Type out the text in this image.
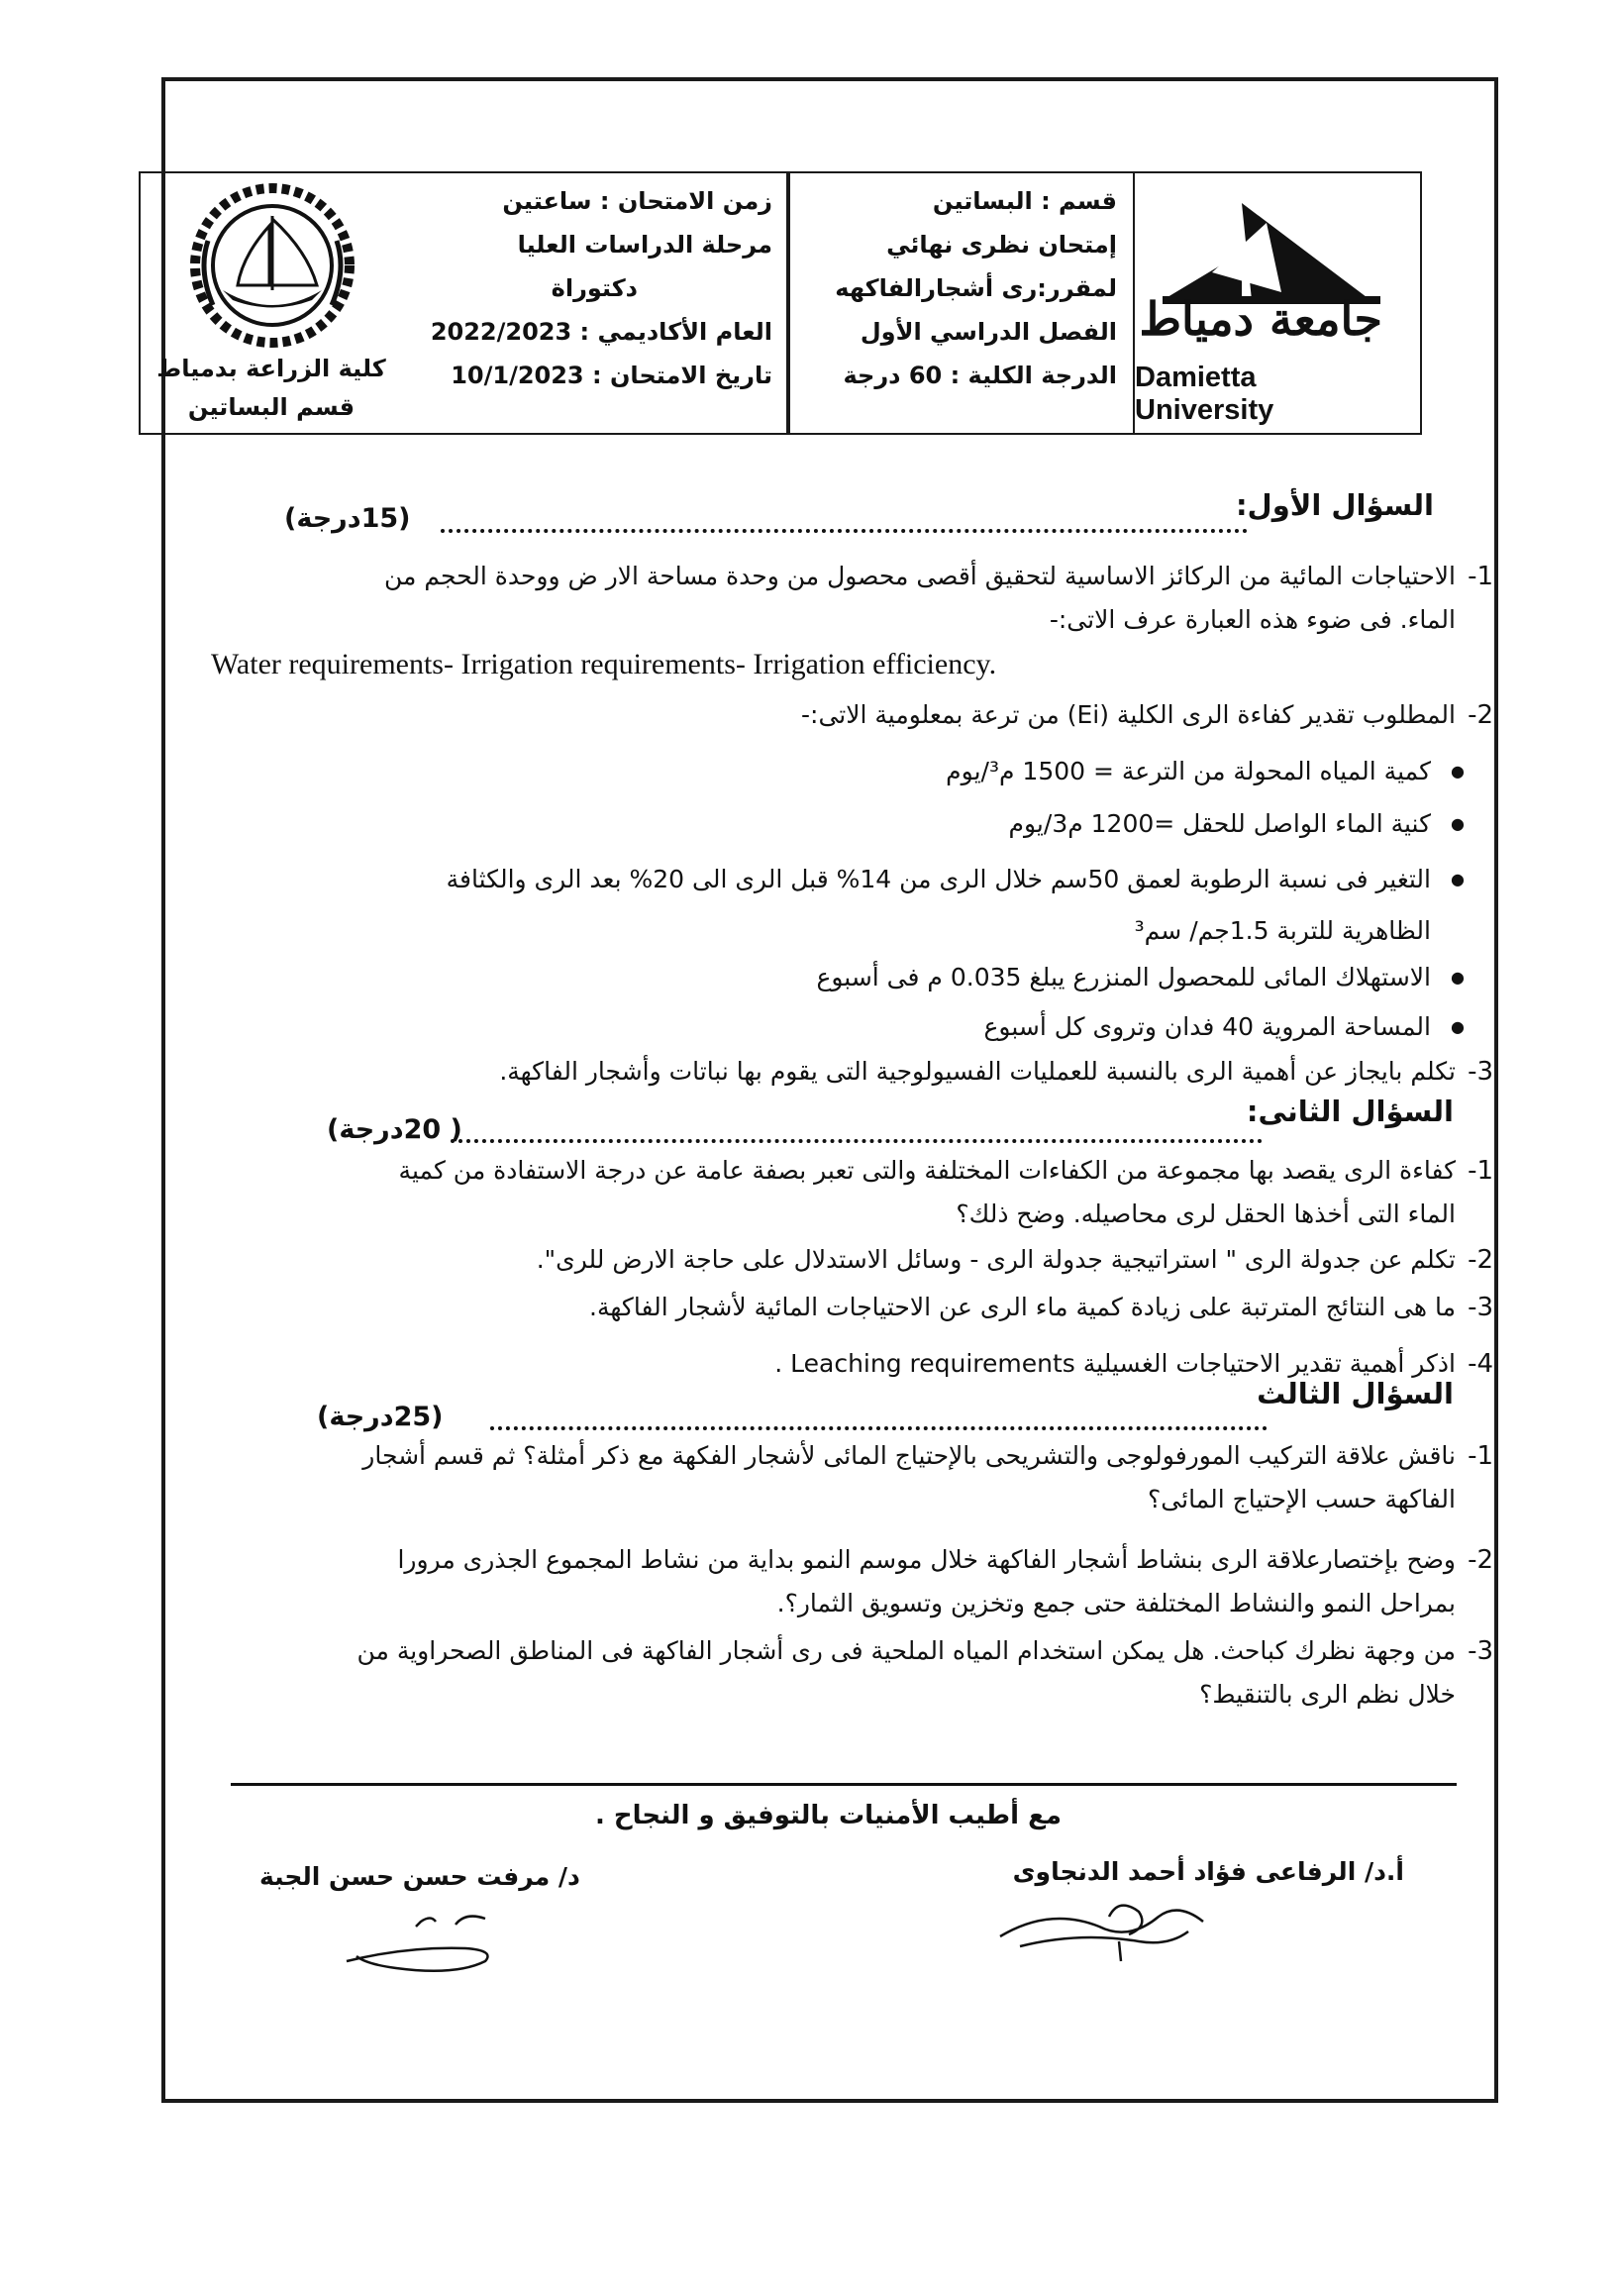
جامعة دمياط
Damietta University
قسم : البساتين
إمتحان نظرى نهائي
لمقرر:رى أشجارالفاكهه
الفصل الدراسي الأول
الدرجة الكلية : 60 درجة
زمن الامتحان : ساعتين
مرحلة الدراسات العليا
دكتوراة
العام الأكاديمي : 2022/2023
تاريخ الامتحان : 10/1/2023
كلية الزراعة بدمياط
قسم البساتين
السؤال الأول:
(15درجة)
1-
الاحتياجات المائية من الركائز الاساسية لتحقيق أقصى محصول من وحدة مساحة الار ض ووحدة الحجم من الماء. فى ضوء هذه العبارة عرف الاتى:-
Water requirements- Irrigation requirements- Irrigation efficiency.
2-
المطلوب تقدير كفاءة الرى الكلية (Ei) من ترعة بمعلومية الاتى:-
● كمية المياه المحولة من الترعة = 1500 م³/يوم
● كنية الماء الواصل للحقل =1200 م3/يوم
● التغير فى نسبة الرطوبة لعمق 50سم خلال الرى من 14% قبل الرى الى 20% بعد الرى والكثافة الظاهرية للتربة 1.5جم/ سم³
● الاستهلاك المائى للمحصول المنزرع يبلغ 0.035 م فى أسبوع
● المساحة المروية 40 فدان وتروى كل أسبوع
3-
تكلم بايجاز عن أهمية الرى بالنسبة للعمليات الفسيولوجية التى يقوم بها نباتات وأشجار الفاكهة.
السؤال الثانى:
( 20درجة)
1-
كفاءة الرى يقصد بها مجموعة من الكفاءات المختلفة والتى تعبر بصفة عامة عن درجة الاستفادة من كمية الماء التى أخذها الحقل لرى محاصيله. وضح ذلك؟
2-
تكلم عن جدولة الرى " استراتيجية جدولة الرى - وسائل الاستدلال على حاجة الارض للرى".
3-
ما هى النتائج المترتبة على زيادة كمية ماء الرى عن الاحتياجات المائية لأشجار الفاكهة.
4-
اذكر أهمية تقدير الاحتياجات الغسيلية Leaching requirements .
السؤال الثالث
(25درجة)
1-
ناقش علاقة التركيب المورفولوجى والتشريحى بالإحتياج المائى لأشجار الفكهة مع ذكر أمثلة؟ ثم قسم أشجار الفاكهة حسب الإحتياج المائى؟
2-
وضح بإختصارعلاقة الرى بنشاط أشجار الفاكهة خلال موسم النمو بداية من نشاط المجموع الجذرى مرورا بمراحل النمو والنشاط المختلفة حتى جمع وتخزين وتسويق الثمار؟.
3-
من وجهة نظرك كباحث. هل يمكن استخدام المياه الملحية فى رى أشجار الفاكهة فى المناطق الصحراوية من خلال نظم الرى بالتنقيط؟
مع أطيب الأمنيات بالتوفيق و النجاح .
أ.د/ الرفاعى فؤاد أحمد الدنجاوى
د/ مرفت حسن حسن الجبة
